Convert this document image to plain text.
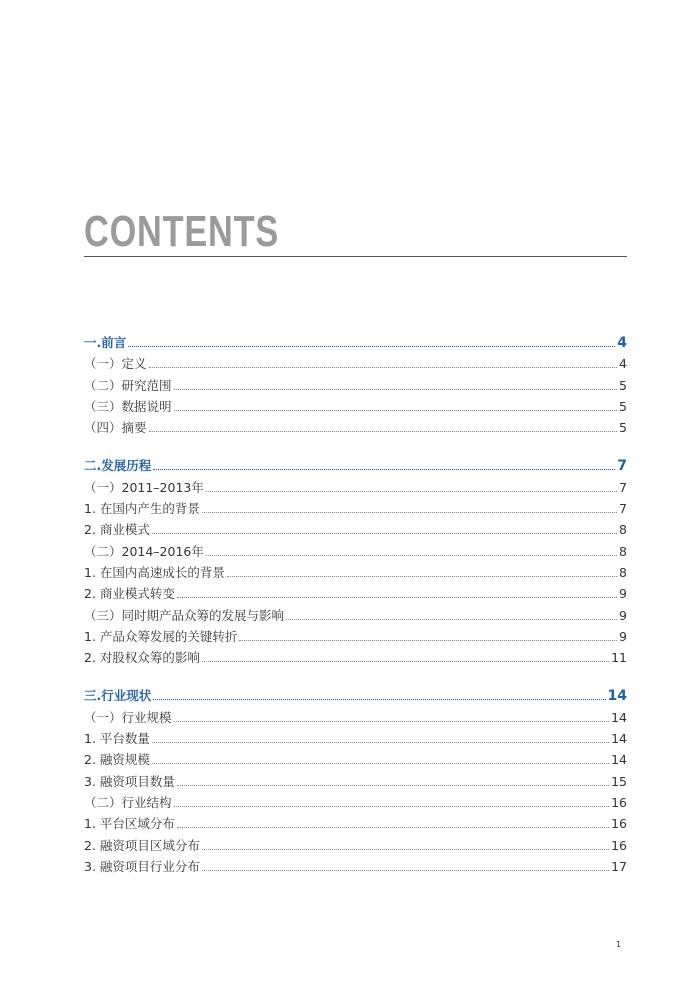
CONTENTS
一.前言	4
（一）定义	4
（二）研究范围	5
（三）数据说明	5
（四）摘要	5
二.发展历程	7
（一）2011–2013年	7
1. 在国内产生的背景	7
2. 商业模式	8
（二）2014–2016年	8
1. 在国内高速成长的背景	8
2. 商业模式转变	9
（三）同时期产品众筹的发展与影响	9
1. 产品众筹发展的关键转折	9
2. 对股权众筹的影响	11
三.行业现状	14
（一）行业规模	14
1. 平台数量	14
2. 融资规模	14
3. 融资项目数量	15
（二）行业结构	16
1. 平台区域分布	16
2. 融资项目区域分布	16
3. 融资项目行业分布	17
1
